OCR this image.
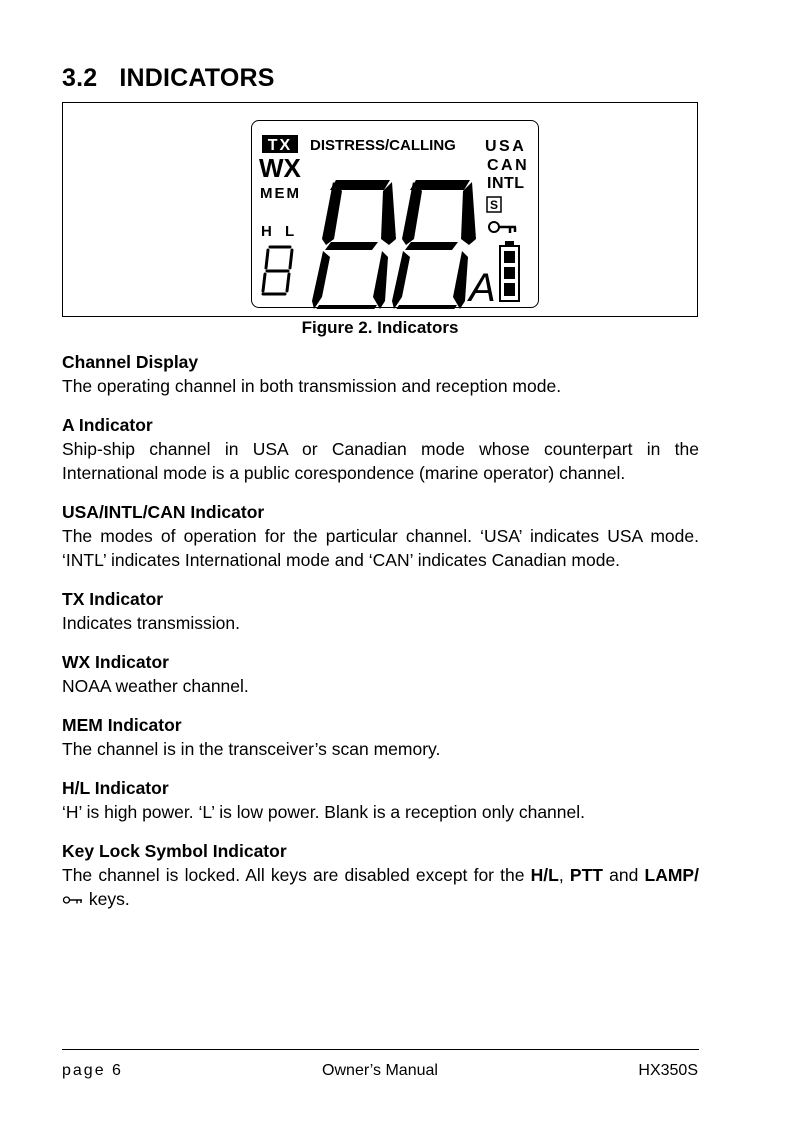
3.2 INDICATORS
TX DISTRESS/CALLING USA
CAN
INTL
WX
MEM
S
H L
A
Figure 2. Indicators
Channel Display

The operating channel in both transmission and reception mode.

A Indicator

Ship-ship channel in USA or Canadian mode whose counterpart in the International mode is a public corespondence (marine operator) channel.

USA/INTL/CAN Indicator

The modes of operation for the particular channel. ‘USA’ indicates USA mode. ‘INTL’ indicates International mode and ‘CAN’ indicates Canadian mode.

TX Indicator

Indicates transmission.

WX Indicator

NOAA weather channel.

MEM Indicator

The channel is in the transceiver’s scan memory.

H/L Indicator

‘H’ is high power. ‘L’ is low power. Blank is a reception only channel.

Key Lock Symbol Indicator

The channel is locked. All keys are disabled except for the H/L, PTT and LAMP/ keys.

page 6	Owner’s Manual	HX350S
